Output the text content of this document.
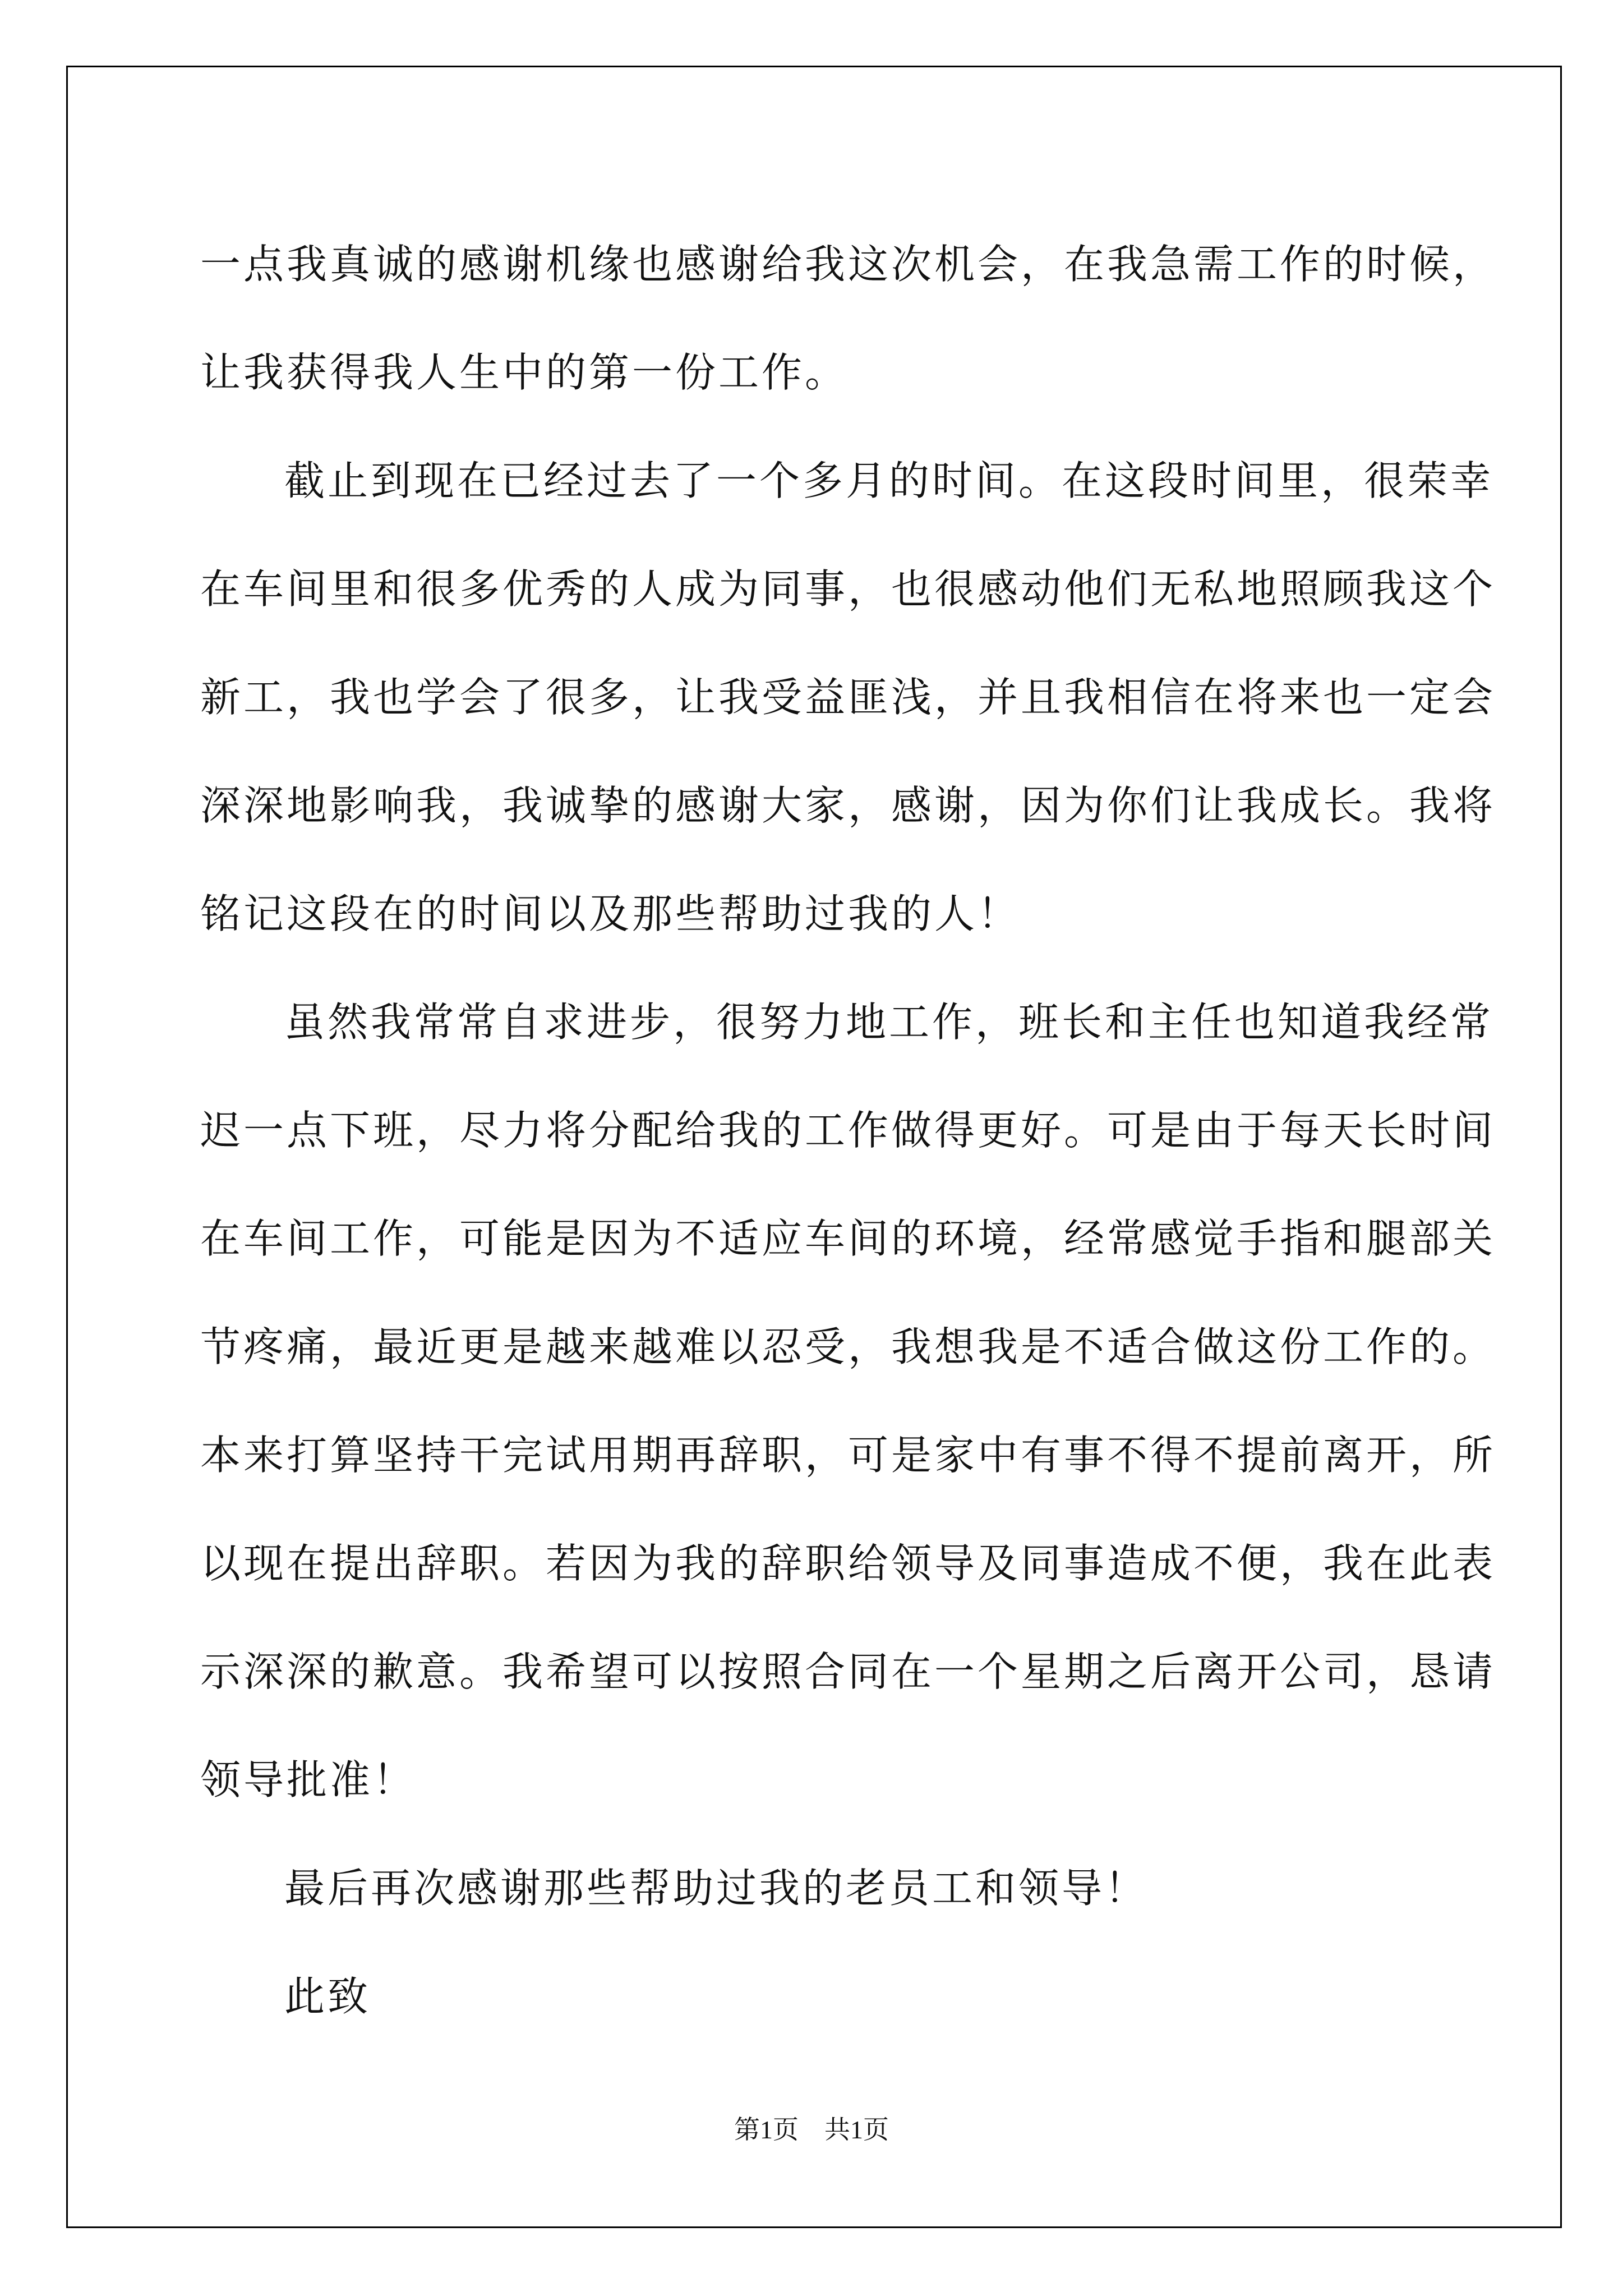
一点我真诚的感谢机缘也感谢给我这次机会，在我急需工作的时候，
让我获得我人生中的第一份工作。
截止到现在已经过去了一个多月的时间。在这段时间里，很荣幸
在车间里和很多优秀的人成为同事，也很感动他们无私地照顾我这个
新工，我也学会了很多，让我受益匪浅，并且我相信在将来也一定会
深深地影响我，我诚挚的感谢大家，感谢，因为你们让我成长。我将
铭记这段在的时间以及那些帮助过我的人！
虽然我常常自求进步，很努力地工作，班长和主任也知道我经常
迟一点下班，尽力将分配给我的工作做得更好。可是由于每天长时间
在车间工作，可能是因为不适应车间的环境，经常感觉手指和腿部关
节疼痛，最近更是越来越难以忍受，我想我是不适合做这份工作的。
本来打算坚持干完试用期再辞职，可是家中有事不得不提前离开，所
以现在提出辞职。若因为我的辞职给领导及同事造成不便，我在此表
示深深的歉意。我希望可以按照合同在一个星期之后离开公司，恳请
领导批准！
最后再次感谢那些帮助过我的老员工和领导！
此致
第1页　共1页
